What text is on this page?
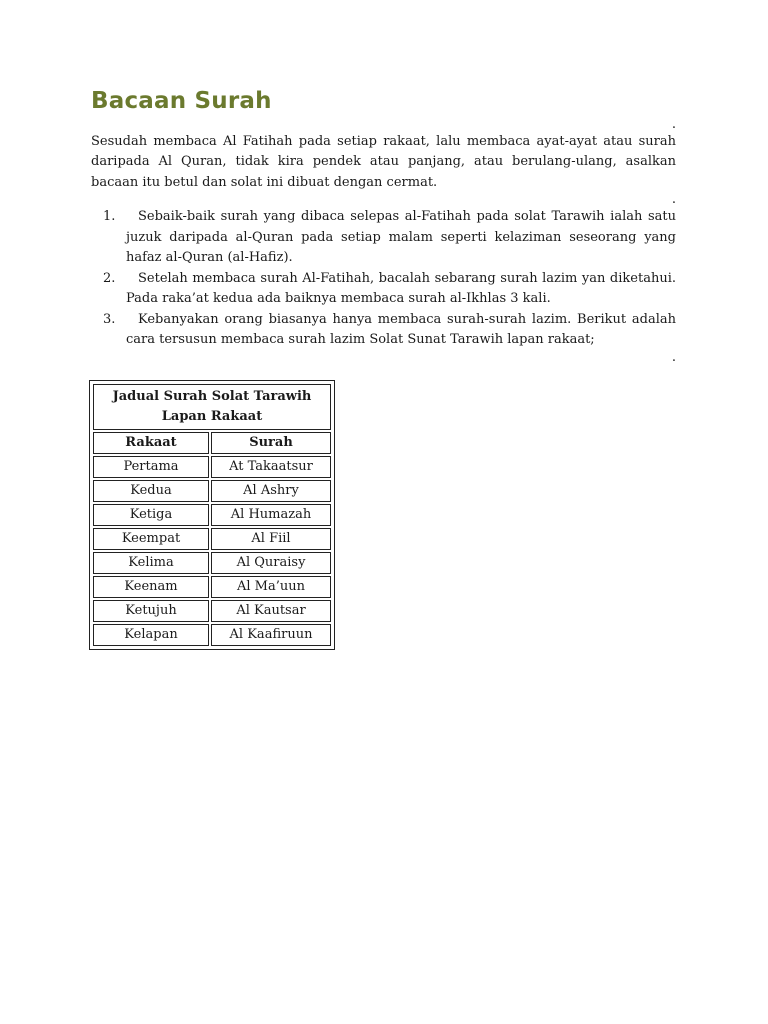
Bacaan Surah
.

Sesudah membaca Al Fatihah pada setiap rakaat, lalu membaca ayat-ayat atau surah daripada Al Quran, tidak kira pendek atau panjang, atau berulang-ulang, asalkan bacaan itu betul dan solat ini dibuat dengan cermat.

.
1. Sebaik-baik surah yang dibaca selepas al-Fatihah pada solat Tarawih ialah satu juzuk daripada al-Quran pada setiap malam seperti kelaziman seseorang yang hafaz al-Quran (al-Hafiz).
2. Setelah membaca surah Al-Fatihah, bacalah sebarang surah lazim yan diketahui. Pada raka’at kedua ada baiknya membaca surah al-Ikhlas 3 kali.
3. Kebanyakan orang biasanya hanya membaca surah-surah lazim. Berikut adalah cara tersusun membaca surah lazim Solat Sunat Tarawih lapan rakaat;
.
Jadual Surah Solat Tarawih Lapan Rakaat	
Rakaat	Surah
Pertama	At Takaatsur
Kedua	Al Ashry
Ketiga	Al Humazah
Keempat	Al Fiil
Kelima	Al Quraisy
Keenam	Al Ma’uun
Ketujuh	Al Kautsar
Kelapan	Al Kaafiruun
